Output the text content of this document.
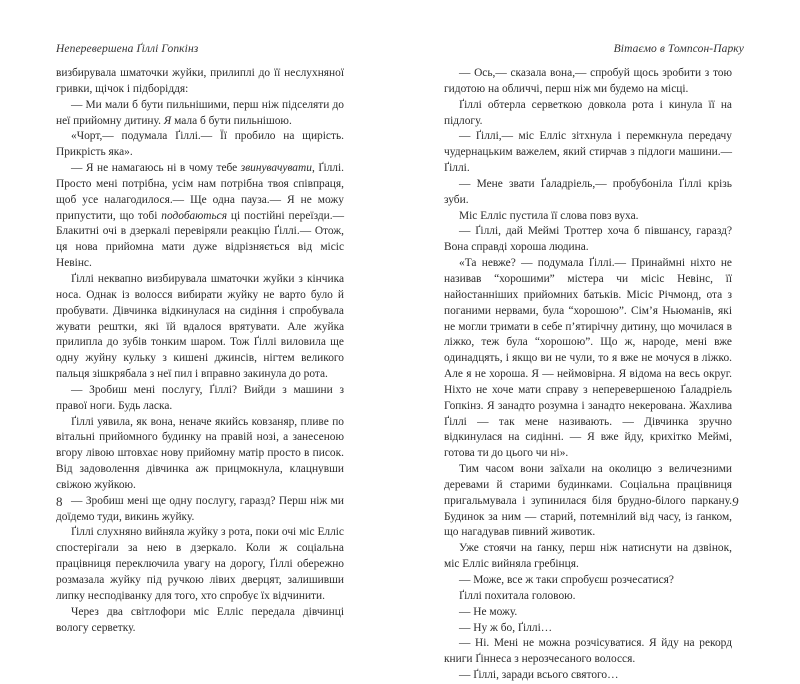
Неперевершена Ґіллі Гопкінз

визбирувала шматочки жуйки, прилиплі до її неслухняної гривки, щічок і підборіддя:

— Ми мали б бути пильнішими, перш ніж підселяти до неї прийомну дитину. Я мала б бути пильнішою.

«Чорт,— подумала Ґіллі.— Її пробило на щирість. Прикрість яка».

— Я не намагаюсь ні в чому тебе звинувачувати, Ґіллі. Просто мені потрібна, усім нам потрібна твоя співпраця, щоб усе налагодилося.— Ще одна пауза.— Я не можу припустити, що тобі подобаються ці постійні переїзди.— Блакитні очі в дзеркалі перевіряли реакцію Ґіллі.— Отож, ця нова прийомна мати дуже відрізняється від місіс Невінс.

Ґіллі неквапно визбирувала шматочки жуйки з кінчика носа. Однак із волосся вибирати жуйку не варто було й пробувати. Дівчинка відкинулася на сидіння і спробувала жувати рештки, які їй вдалося врятувати. Але жуйка прилипла до зубів тонким шаром. Тож Ґіллі виловила ще одну жуйну кульку з кишені джинсів, нігтем великого пальця зішкрябала з неї пил і вправно закинула до рота.

— Зробиш мені послугу, Ґіллі? Вийди з машини з правої ноги. Будь ласка.

Ґіллі уявила, як вона, неначе якийсь ковзаняр, пливе по вітальні прийомного будинку на правій нозі, а занесеною вгору лівою штовхає нову прийомну матір просто в писок. Від задоволення дівчинка аж прицмокнула, клацнувши свіжою жуйкою.

— Зробиш мені ще одну послугу, гаразд? Перш ніж ми доїдемо туди, викинь жуйку.

Ґіллі слухняно вийняла жуйку з рота, поки очі міс Елліс спостерігали за нею в дзеркало. Коли ж соціальна працівниця переключила увагу на дорогу, Ґіллі обережно розмазала жуйку під ручкою лівих дверцят, залишивши липку несподіванку для того, хто спробує їх відчинити.

Через два світлофори міс Елліс передала дівчинці вологу серветку.

8
Вітаємо в Томпсон-Парку

— Ось,— сказала вона,— спробуй щось зробити з тою гидотою на обличчі, перш ніж ми будемо на місці.

Ґіллі обтерла серветкою довкола рота і кинула її на підлогу.

— Ґіллі,— міс Елліс зітхнула і перемкнула передачу чудернацьким важелем, який стирчав з підлоги машини.— Ґіллі.

— Мене звати Ґаладріель,— пробубоніла Ґіллі крізь зуби.

Міс Елліс пустила її слова повз вуха.

— Ґіллі, дай Меймі Троттер хоча б півшансу, гаразд? Вона справді хороша людина.

«Та невже? — подумала Ґіллі.— Принаймні ніхто не називав “хорошими” містера чи місіс Невінс, її найостанніших прийомних батьків. Місіс Річмонд, ота з поганими нервами, була “хорошою”. Сім’я Ньюманів, які не могли тримати в себе п’ятирічну дитину, що мочилася в ліжко, теж була “хорошою”. Що ж, народе, мені вже одинадцять, і якщо ви не чули, то я вже не мочуся в ліжко. Але я не хороша. Я — неймовірна. Я відома на весь округ. Ніхто не хоче мати справу з неперевершеною Ґаладріель Гопкінз. Я занадто розумна і занадто некерована. Жахлива Ґіллі — так мене називають. — Дівчинка зручно відкинулася на сидінні. — Я вже йду, крихітко Меймі, готова ти до цього чи ні».

Тим часом вони заїхали на околицю з величезними деревами й старими будинками. Соціальна працівниця пригальмувала і зупинилася біля брудно-білого паркану. Будинок за ним — старий, потемнілий від часу, із ґанком, що нагадував пивний животик.

Уже стоячи на ґанку, перш ніж натиснути на дзвінок, міс Елліс вийняла гребінця.

— Може, все ж таки спробуєш розчесатися?

Ґіллі похитала головою.

— Не можу.

— Ну ж бо, Ґіллі…

— Ні. Мені не можна розчісуватися. Я йду на рекорд книги Ґіннеса з нерозчесаного волосся.

— Ґіллі, заради всього святого…

9
